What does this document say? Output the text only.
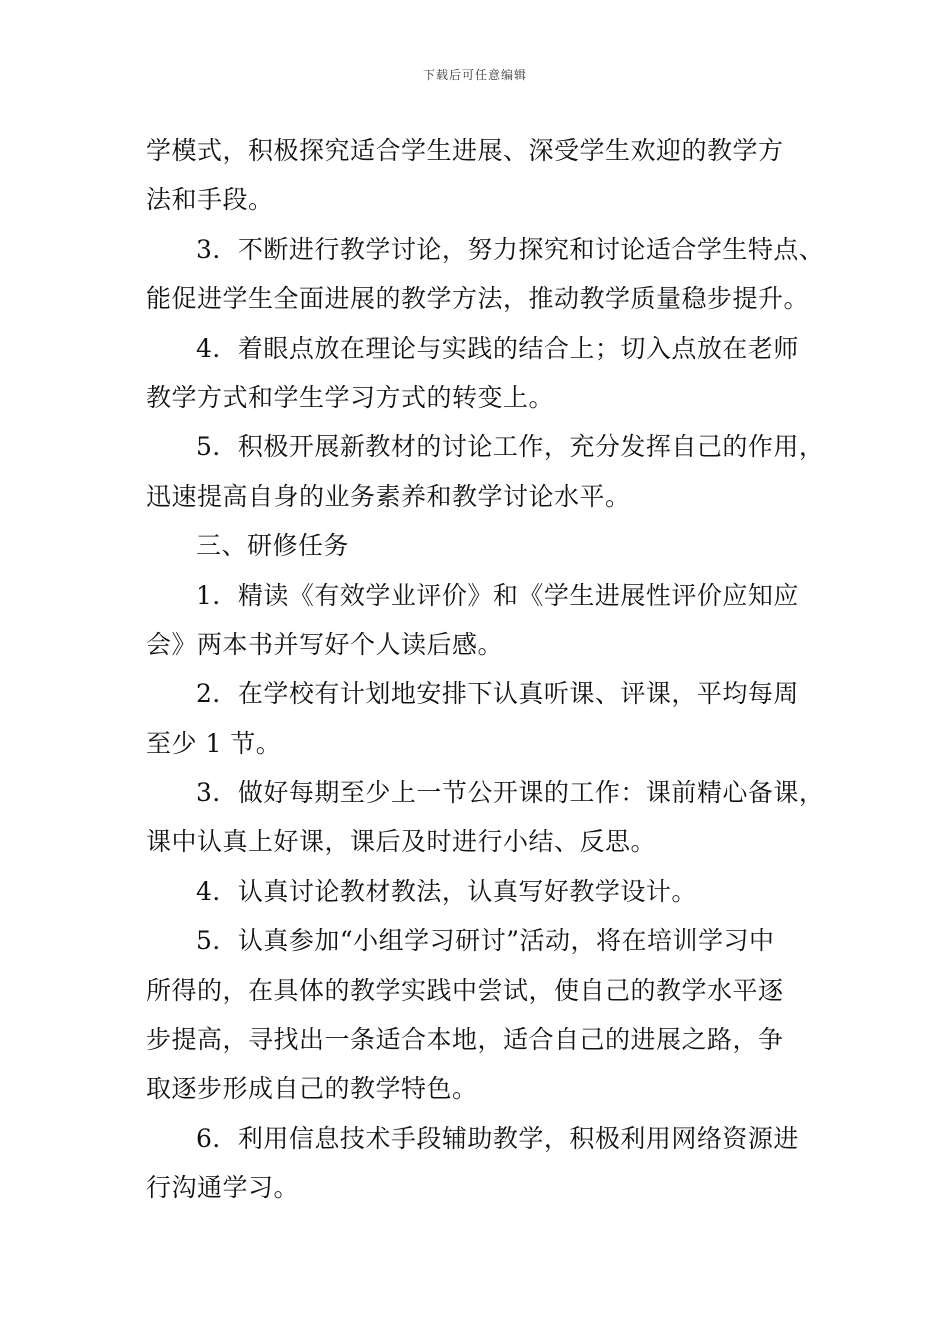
下载后可任意编辑
学模式，积极探究适合学生进展、深受学生欢迎的教学方
法和手段。
3．不断进行教学讨论，努力探究和讨论适合学生特点、
能促进学生全面进展的教学方法，推动教学质量稳步提升。
4．着眼点放在理论与实践的结合上；切入点放在老师
教学方式和学生学习方式的转变上。
5．积极开展新教材的讨论工作，充分发挥自己的作用，
迅速提高自身的业务素养和教学讨论水平。
三、研修任务
1．精读《有效学业评价》和《学生进展性评价应知应
会》两本书并写好个人读后感。
2．在学校有计划地安排下认真听课、评课，平均每周
至少 1 节。
3．做好每期至少上一节公开课的工作：课前精心备课，
课中认真上好课，课后及时进行小结、反思。
4．认真讨论教材教法，认真写好教学设计。
5．认真参加“小组学习研讨”活动，将在培训学习中
所得的，在具体的教学实践中尝试，使自己的教学水平逐
步提高，寻找出一条适合本地，适合自己的进展之路，争
取逐步形成自己的教学特色。
6．利用信息技术手段辅助教学，积极利用网络资源进
行沟通学习。
